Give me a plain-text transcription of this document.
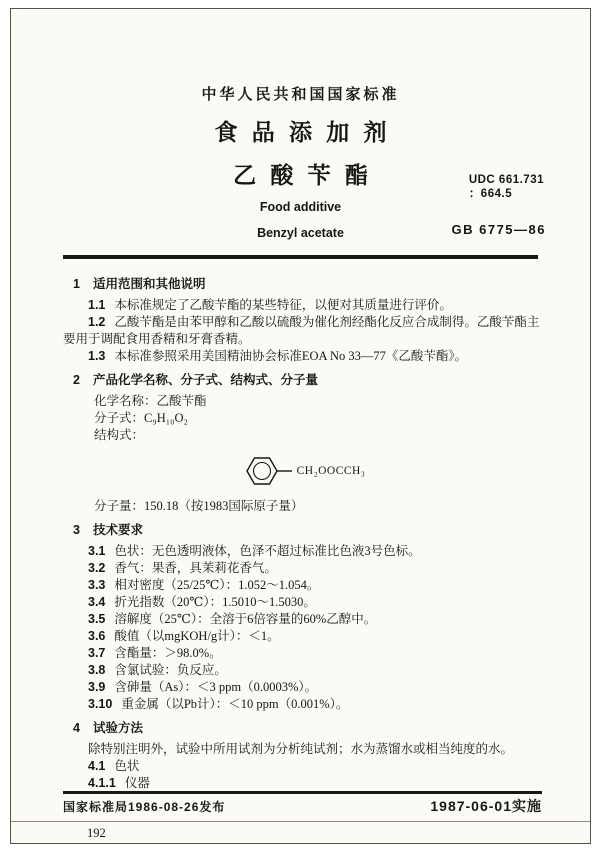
中华人民共和国国家标准
UDC 661.731
：664.5
食品添加剂
GB 6775—86
乙酸苄酯
Food additive
Benzyl acetate
1 适用范围和其他说明

1.1 本标准规定了乙酸苄酯的某些特征，以便对其质量进行评价。

1.2 乙酸苄酯是由苯甲醇和乙酸以硫酸为催化剂经酯化反应合成制得。乙酸苄酯主要用于调配食用香精和牙膏香精。

1.3 本标准参照采用美国精油协会标准EOA No 33—77《乙酸苄酯》。

2 产品化学名称、分子式、结构式、分子量

化学名称：乙酸苄酯

分子式：C₉H₁₀O₂

结构式：

CH₂OOCCH₃

分子量：150.18（按1983国际原子量）

3 技术要求

3.1 色状：无色透明液体，色泽不超过标准比色液3号色标。

3.2 香气：果香，具茉莉花香气。

3.3 相对密度（25/25℃）：1.052～1.054。

3.4 折光指数（20℃）：1.5010～1.5030。

3.5 溶解度（25℃）：全溶于6倍容量的60%乙醇中。

3.6 酸值（以mgKOH/g计）：＜1。

3.7 含酯量：＞98.0%。

3.8 含氯试验：负反应。

3.9 含砷量（As）：＜3 ppm（0.0003%）。

3.10 重金属（以Pb计）：＜10 ppm（0.001%）。

4 试验方法

除特别注明外，试验中所用试剂为分析纯试剂；水为蒸馏水或相当纯度的水。

4.1 色状

4.1.1 仪器

国家标准局1986-08-26发布	1987-06-01实施
192
